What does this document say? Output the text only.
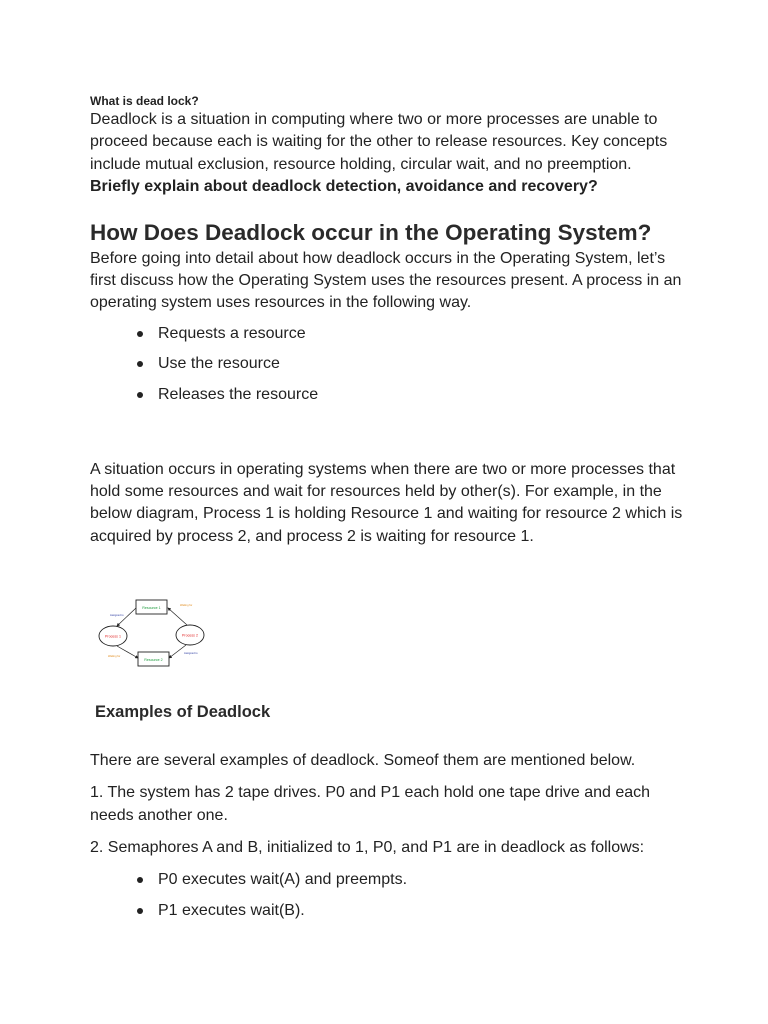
What is dead lock?

Deadlock is a situation in computing where two or more processes are unable to proceed because each is waiting for the other to release resources. Key concepts include mutual exclusion, resource holding, circular wait, and no preemption.

Briefly explain about deadlock detection, avoidance and recovery?

How Does Deadlock occur in the Operating System?

Before going into detail about how deadlock occurs in the Operating System, let’s first discuss how the Operating System uses the resources present. A process in an operating system uses resources in the following way.

Requests a resource
Use the resource
Releases the resource

A situation occurs in operating systems when there are two or more processes that hold some resources and wait for resources held by other(s). For example, in the below diagram, Process 1 is holding Resource 1 and waiting for resource 2 which is acquired by process 2, and process 2 is waiting for resource 1.

Resource 1
Resource 2
Process 1	Process 2
Assigned to
Waiting for
Assigned to
Waiting for
Examples of Deadlock

There are several examples of deadlock. Someof them are mentioned below.

1. The system has 2 tape drives. P0 and P1 each hold one tape drive and each needs another one.

2. Semaphores A and B, initialized to 1, P0, and P1 are in deadlock as follows:

P0 executes wait(A) and preempts.
P1 executes wait(B).
